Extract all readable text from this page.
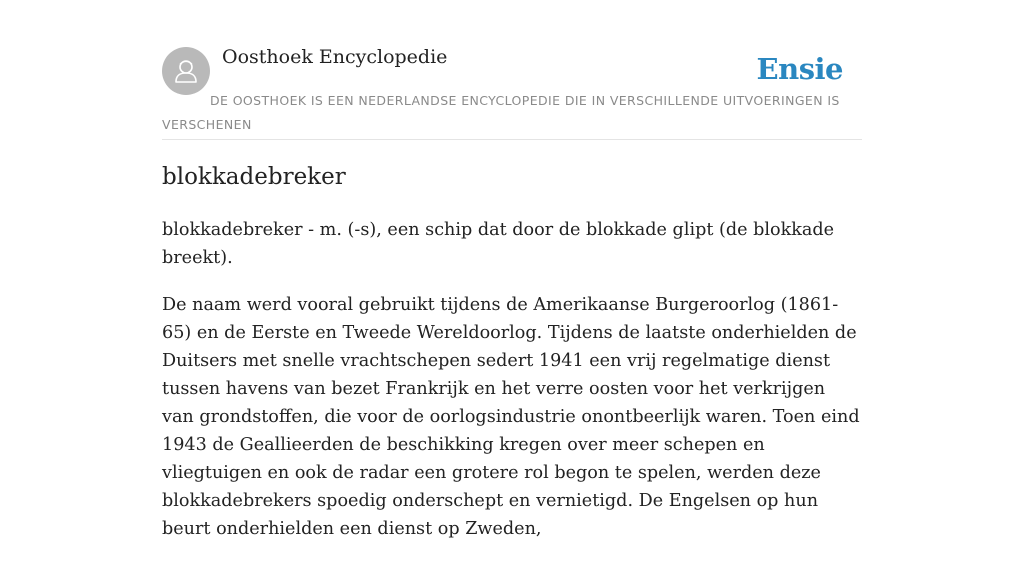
Oosthoek Encyclopedie	Ensie
DE OOSTHOEK IS EEN NEDERLANDSE ENCYCLOPEDIE DIE IN VERSCHILLENDE UITVOERINGEN IS VERSCHENEN
blokkadebreker

blokkadebreker - m. (-s), een schip dat door de blokkade glipt (de blokkade breekt).

De naam werd vooral gebruikt tijdens de Amerikaanse Burgeroorlog (1861-65) en de Eerste en Tweede Wereldoorlog. Tijdens de laatste onderhielden de Duitsers met snelle vrachtschepen sedert 1941 een vrij regelmatige dienst tussen havens van bezet Frankrijk en het verre oosten voor het verkrijgen van grondstoffen, die voor de oorlogsindustrie onontbeerlijk waren. Toen eind 1943 de Geallieerden de beschikking kregen over meer schepen en vliegtuigen en ook de radar een grotere rol begon te spelen, werden deze blokkadebrekers spoedig onderschept en vernietigd. De Engelsen op hun beurt onderhielden een dienst op Zweden,
